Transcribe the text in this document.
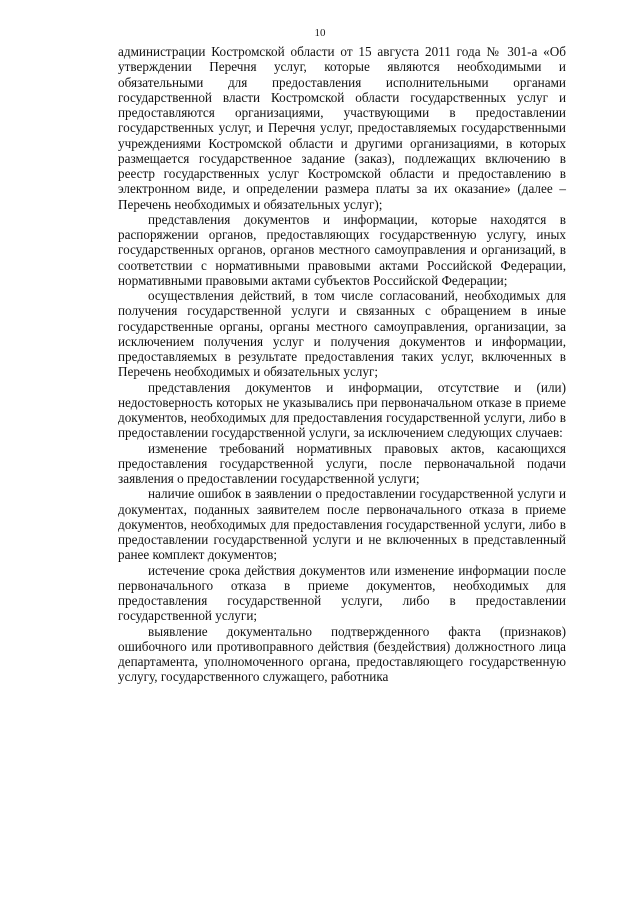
10

администрации Костромской области от 15 августа 2011 года № 301-а «Об утверждении Перечня услуг, которые являются необходимыми и обязательными для предоставления исполнительными органами государственной власти Костромской области государственных услуг и предоставляются организациями, участвующими в предоставлении государственных услуг, и Перечня услуг, предоставляемых государственными учреждениями Костромской области и другими организациями, в которых размещается государственное задание (заказ), подлежащих включению в реестр государственных услуг Костромской области и предоставлению в электронном виде, и определении размера платы за их оказание» (далее – Перечень необходимых и обязательных услуг);

представления документов и информации, которые находятся в распоряжении органов, предоставляющих государственную услугу, иных государственных органов, органов местного самоуправления и организаций, в соответствии с нормативными правовыми актами Российской Федерации, нормативными правовыми актами субъектов Российской Федерации;

осуществления действий, в том числе согласований, необходимых для получения государственной услуги и связанных с обращением в иные государственные органы, органы местного самоуправления, организации, за исключением получения услуг и получения документов и информации, предоставляемых в результате предоставления таких услуг, включенных в Перечень необходимых и обязательных услуг;

представления документов и информации, отсутствие и (или) недостоверность которых не указывались при первоначальном отказе в приеме документов, необходимых для предоставления государственной услуги, либо в предоставлении государственной услуги, за исключением следующих случаев:

изменение требований нормативных правовых актов, касающихся предоставления государственной услуги, после первоначальной подачи заявления о предоставлении государственной услуги;

наличие ошибок в заявлении о предоставлении государственной услуги и документах, поданных заявителем после первоначального отказа в приеме документов, необходимых для предоставления государственной услуги, либо в предоставлении государственной услуги и не включенных в представленный ранее комплект документов;

истечение срока действия документов или изменение информации после первоначального отказа в приеме документов, необходимых для предоставления государственной услуги, либо в предоставлении государственной услуги;

выявление документально подтвержденного факта (признаков) ошибочного или противоправного действия (бездействия) должностного лица департамента, уполномоченного органа, предоставляющего государственную услугу, государственного служащего, работника
